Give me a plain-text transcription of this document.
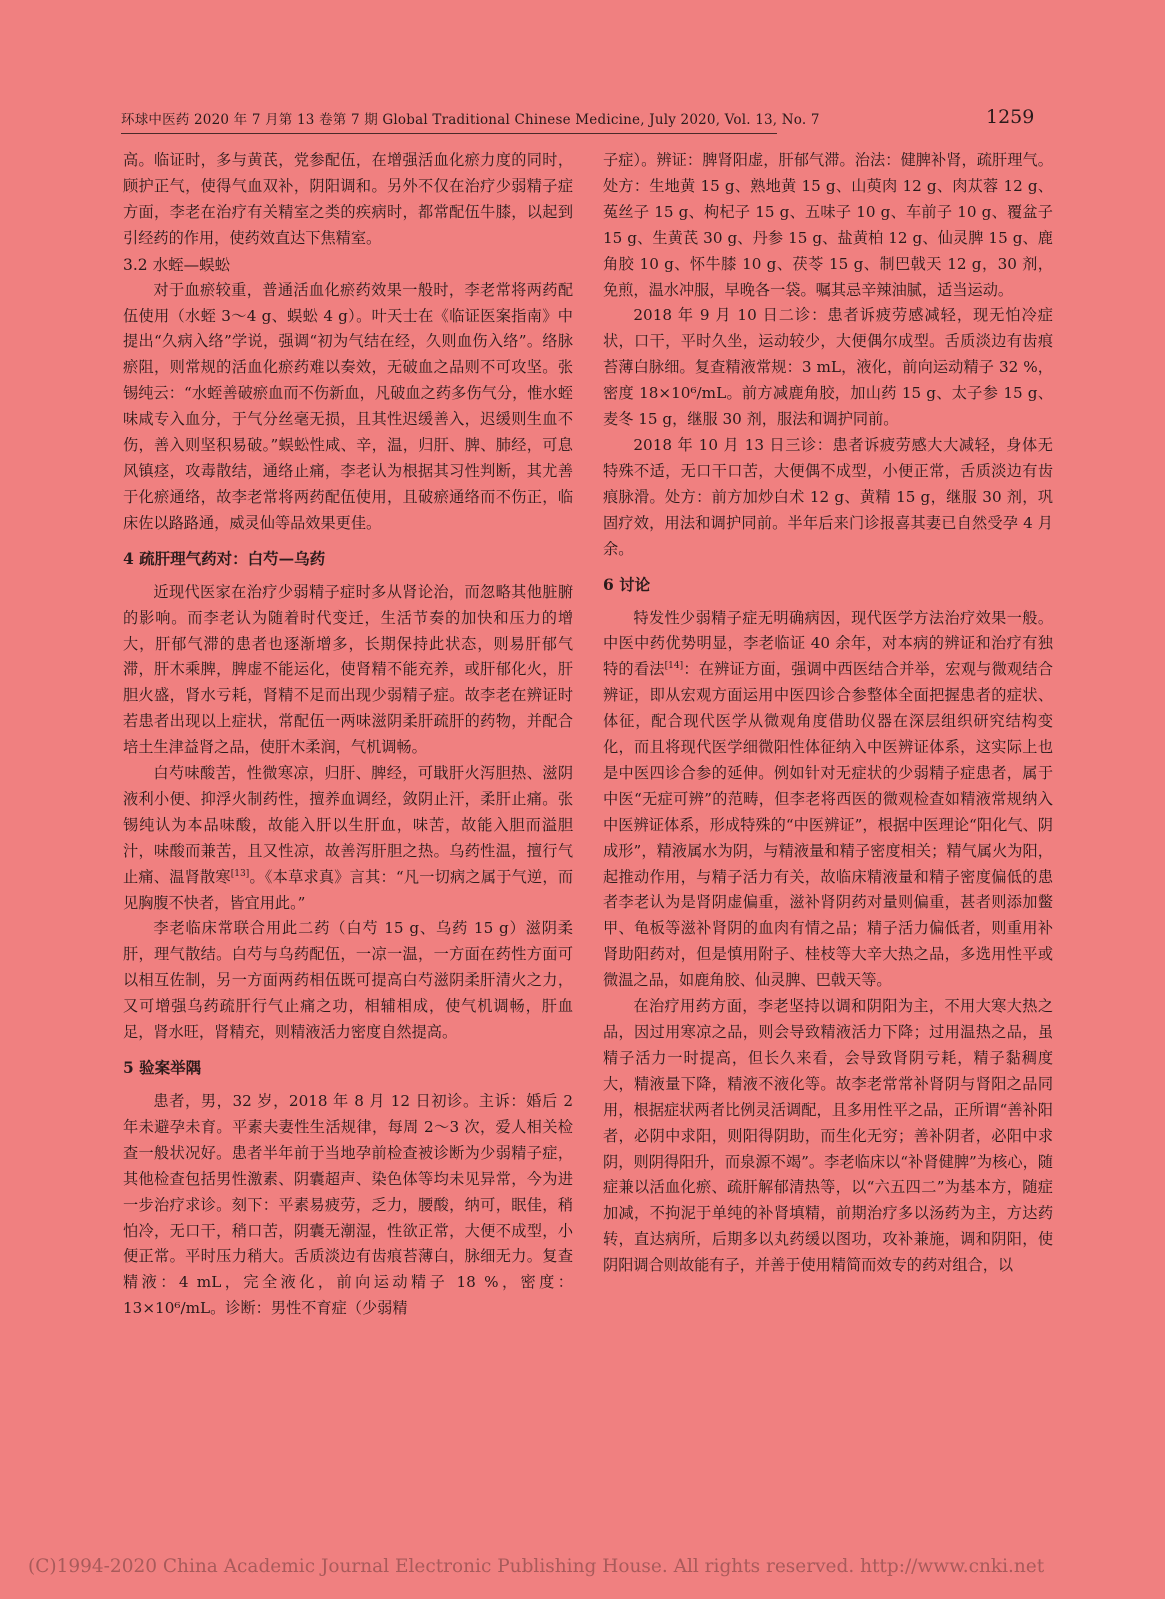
环球中医药 2020 年 7 月第 13 卷第 7 期 Global Traditional Chinese Medicine, July 2020, Vol. 13, No. 7	1259

高。临证时，多与黄芪，党参配伍，在增强活血化瘀力度的同时，顾护正气，使得气血双补，阴阳调和。另外不仅在治疗少弱精子症方面，李老在治疗有关精室之类的疾病时，都常配伍牛膝，以起到引经药的作用，使药效直达下焦精室。

3.2 水蛭—蜈蚣

对于血瘀较重，普通活血化瘀药效果一般时，李老常将两药配伍使用（水蛭 3～4 g、蜈蚣 4 g）。叶天士在《临证医案指南》中提出“久病入络”学说，强调“初为气结在经，久则血伤入络”。络脉瘀阻，则常规的活血化瘀药难以奏效，无破血之品则不可攻坚。张锡纯云：“水蛭善破瘀血而不伤新血，凡破血之药多伤气分，惟水蛭味咸专入血分，于气分丝毫无损，且其性迟缓善入，迟缓则生血不伤，善入则坚积易破。”蜈蚣性咸、辛，温，归肝、脾、肺经，可息风镇痉，攻毒散结，通络止痛，李老认为根据其习性判断，其尤善于化瘀通络，故李老常将两药配伍使用，且破瘀通络而不伤正，临床佐以路路通，威灵仙等品效果更佳。

4 疏肝理气药对：白芍—乌药

近现代医家在治疗少弱精子症时多从肾论治，而忽略其他脏腑的影响。而李老认为随着时代变迁，生活节奏的加快和压力的增大，肝郁气滞的患者也逐渐增多，长期保持此状态，则易肝郁气滞，肝木乘脾，脾虚不能运化，使肾精不能充养，或肝郁化火，肝胆火盛，肾水亏耗，肾精不足而出现少弱精子症。故李老在辨证时若患者出现以上症状，常配伍一两味滋阴柔肝疏肝的药物，并配合培土生津益肾之品，使肝木柔润，气机调畅。

白芍味酸苦，性微寒凉，归肝、脾经，可戢肝火泻胆热、滋阴液利小便、抑浮火制药性，擅养血调经，敛阴止汗，柔肝止痛。张锡纯认为本品味酸，故能入肝以生肝血，味苦，故能入胆而溢胆汁，味酸而兼苦，且又性凉，故善泻肝胆之热。乌药性温，擅行气止痛、温肾散寒[13]。《本草求真》言其：“凡一切病之属于气逆，而见胸腹不快者，皆宜用此。”

李老临床常联合用此二药（白芍 15 g、乌药 15 g）滋阴柔肝，理气散结。白芍与乌药配伍，一凉一温，一方面在药性方面可以相互佐制，另一方面两药相伍既可提高白芍滋阴柔肝清火之力，又可增强乌药疏肝行气止痛之功，相辅相成，使气机调畅，肝血足，肾水旺，肾精充，则精液活力密度自然提高。

5 验案举隅

患者，男，32 岁，2018 年 8 月 12 日初诊。主诉：婚后 2 年未避孕未育。平素夫妻性生活规律，每周 2～3 次，爱人相关检查一般状况好。患者半年前于当地孕前检查被诊断为少弱精子症，其他检查包括男性激素、阴囊超声、染色体等均未见异常，今为进一步治疗求诊。刻下：平素易疲劳，乏力，腰酸，纳可，眠佳，稍怕冷，无口干，稍口苦，阴囊无潮湿，性欲正常，大便不成型，小便正常。平时压力稍大。舌质淡边有齿痕苔薄白，脉细无力。复查精液：4 mL，完全液化，前向运动精子 18 %，密度：13×10⁶/mL。诊断：男性不育症（少弱精

子症）。辨证：脾肾阳虚，肝郁气滞。治法：健脾补肾，疏肝理气。处方：生地黄 15 g、熟地黄 15 g、山萸肉 12 g、肉苁蓉 12 g、菟丝子 15 g、枸杞子 15 g、五味子 10 g、车前子 10 g、覆盆子 15 g、生黄芪 30 g、丹参 15 g、盐黄柏 12 g、仙灵脾 15 g、鹿角胶 10 g、怀牛膝 10 g、茯苓 15 g、制巴戟天 12 g，30 剂，免煎，温水冲服，早晚各一袋。嘱其忌辛辣油腻，适当运动。

2018 年 9 月 10 日二诊：患者诉疲劳感减轻，现无怕冷症状，口干，平时久坐，运动较少，大便偶尔成型。舌质淡边有齿痕苔薄白脉细。复查精液常规：3 mL，液化，前向运动精子 32 %，密度 18×10⁶/mL。前方减鹿角胶，加山药 15 g、太子参 15 g、麦冬 15 g，继服 30 剂，服法和调护同前。

2018 年 10 月 13 日三诊：患者诉疲劳感大大减轻，身体无特殊不适，无口干口苦，大便偶不成型，小便正常，舌质淡边有齿痕脉滑。处方：前方加炒白术 12 g、黄精 15 g，继服 30 剂，巩固疗效，用法和调护同前。半年后来门诊报喜其妻已自然受孕 4 月余。

6 讨论

特发性少弱精子症无明确病因，现代医学方法治疗效果一般。中医中药优势明显，李老临证 40 余年，对本病的辨证和治疗有独特的看法[14]：在辨证方面，强调中西医结合并举，宏观与微观结合辨证，即从宏观方面运用中医四诊合参整体全面把握患者的症状、体征，配合现代医学从微观角度借助仪器在深层组织研究结构变化，而且将现代医学细微阳性体征纳入中医辨证体系，这实际上也是中医四诊合参的延伸。例如针对无症状的少弱精子症患者，属于中医“无症可辨”的范畴，但李老将西医的微观检查如精液常规纳入中医辨证体系，形成特殊的“中医辨证”，根据中医理论“阳化气、阴成形”，精液属水为阴，与精液量和精子密度相关；精气属火为阳，起推动作用，与精子活力有关，故临床精液量和精子密度偏低的患者李老认为是肾阴虚偏重，滋补肾阴药对量则偏重，甚者则添加鳖甲、龟板等滋补肾阴的血肉有情之品；精子活力偏低者，则重用补肾助阳药对，但是慎用附子、桂枝等大辛大热之品，多选用性平或微温之品，如鹿角胶、仙灵脾、巴戟天等。

在治疗用药方面，李老坚持以调和阴阳为主，不用大寒大热之品，因过用寒凉之品，则会导致精液活力下降；过用温热之品，虽精子活力一时提高，但长久来看，会导致肾阴亏耗，精子黏稠度大，精液量下降，精液不液化等。故李老常常补肾阴与肾阳之品同用，根据症状两者比例灵活调配，且多用性平之品，正所谓“善补阳者，必阴中求阳，则阳得阴助，而生化无穷；善补阴者，必阳中求阴，则阴得阳升，而泉源不竭”。李老临床以“补肾健脾”为核心，随症兼以活血化瘀、疏肝解郁清热等，以“六五四二”为基本方，随症加减，不拘泥于单纯的补肾填精，前期治疗多以汤药为主，方达药转，直达病所，后期多以丸药缓以图功，攻补兼施，调和阴阳，使阴阳调合则故能有子，并善于使用精简而效专的药对组合，以

(C)1994-2020 China Academic Journal Electronic Publishing House. All rights reserved. http://www.cnki.net
